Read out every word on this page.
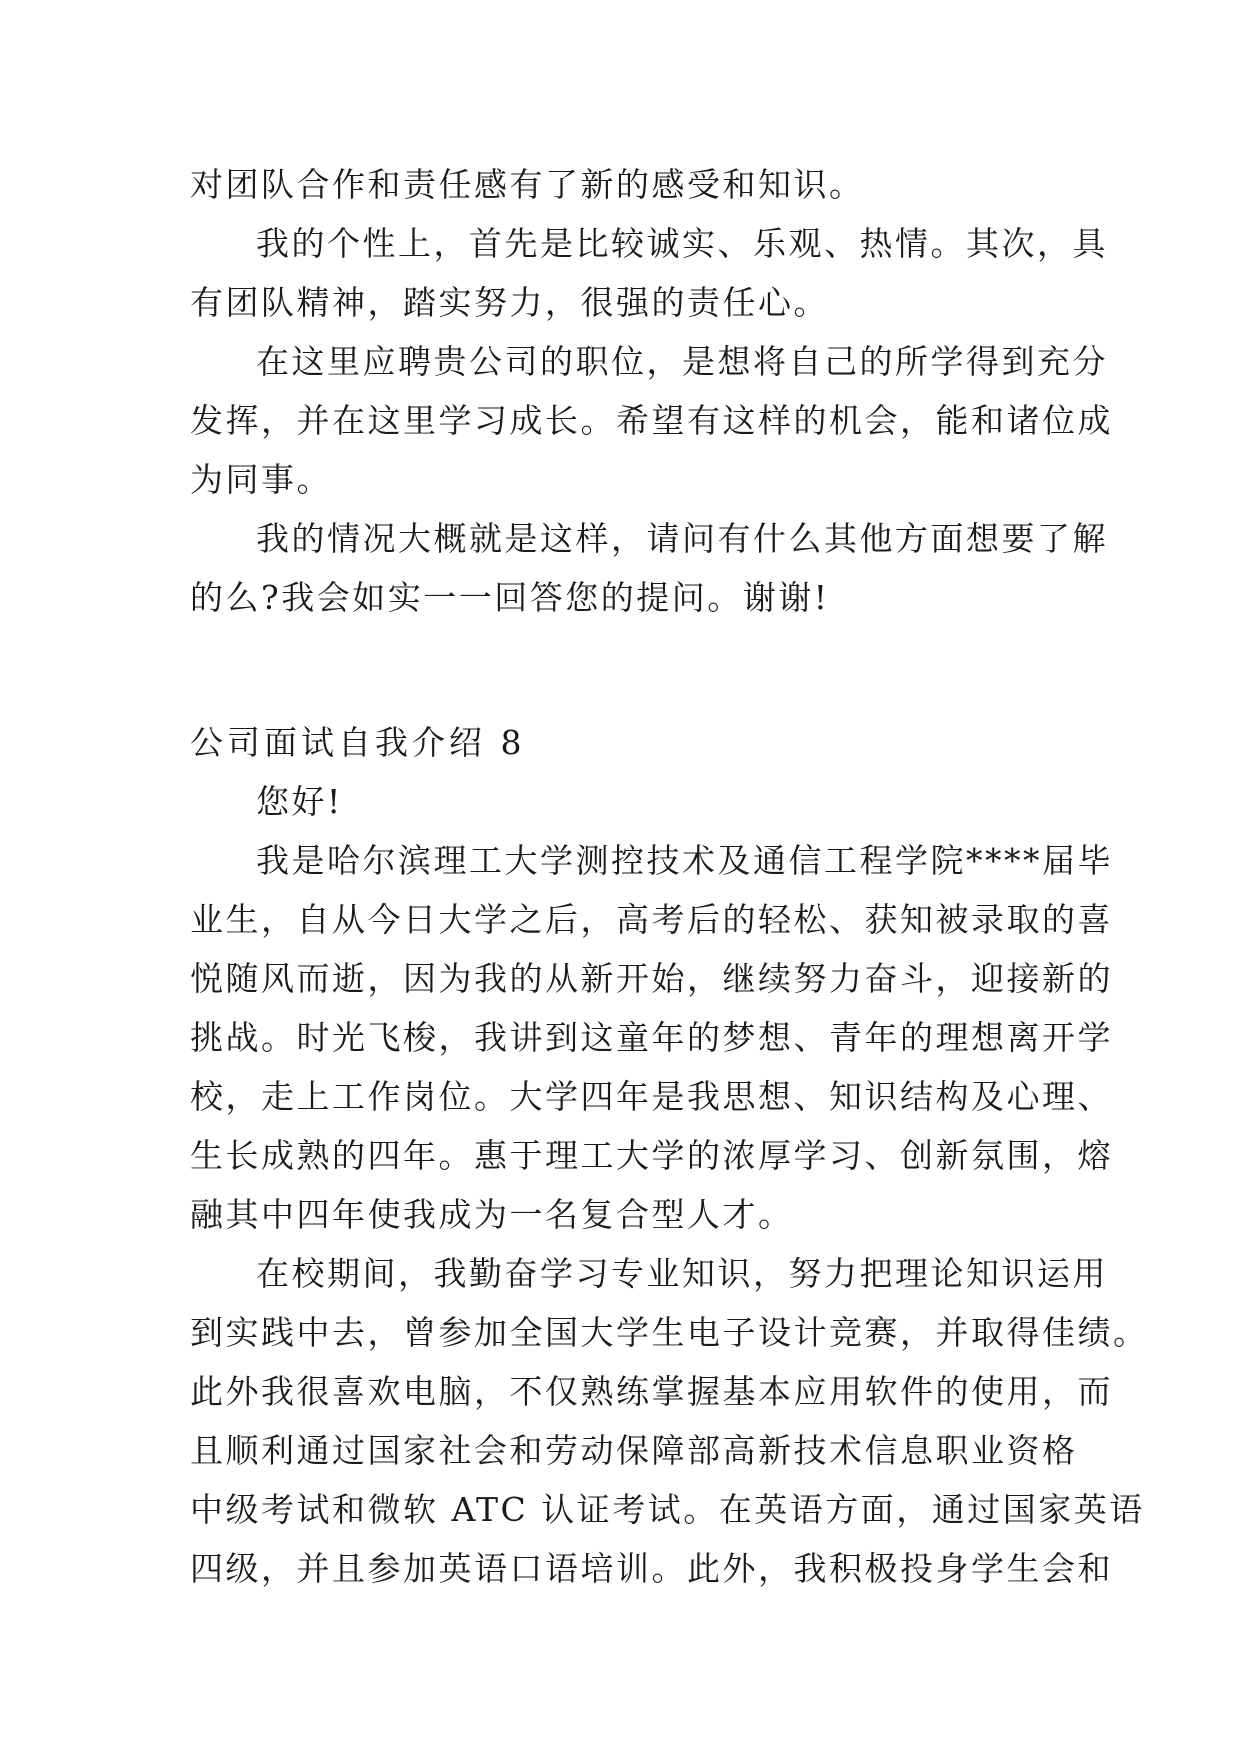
对团队合作和责任感有了新的感受和知识。
我的个性上，首先是比较诚实、乐观、热情。其次，具
有团队精神，踏实努力，很强的责任心。
在这里应聘贵公司的职位，是想将自己的所学得到充分
发挥，并在这里学习成长。希望有这样的机会，能和诸位成
为同事。
我的情况大概就是这样，请问有什么其他方面想要了解
的么?我会如实一一回答您的提问。谢谢!
公司面试自我介绍 8
您好!
我是哈尔滨理工大学测控技术及通信工程学院****届毕
业生，自从今日大学之后，高考后的轻松、获知被录取的喜
悦随风而逝，因为我的从新开始，继续努力奋斗，迎接新的
挑战。时光飞梭，我讲到这童年的梦想、青年的理想离开学
校，走上工作岗位。大学四年是我思想、知识结构及心理、
生长成熟的四年。惠于理工大学的浓厚学习、创新氛围，熔
融其中四年使我成为一名复合型人才。
在校期间，我勤奋学习专业知识，努力把理论知识运用
到实践中去，曾参加全国大学生电子设计竞赛，并取得佳绩。
此外我很喜欢电脑，不仅熟练掌握基本应用软件的使用，而
且顺利通过国家社会和劳动保障部高新技术信息职业资格
中级考试和微软 ATC 认证考试。在英语方面，通过国家英语
四级，并且参加英语口语培训。此外，我积极投身学生会和
